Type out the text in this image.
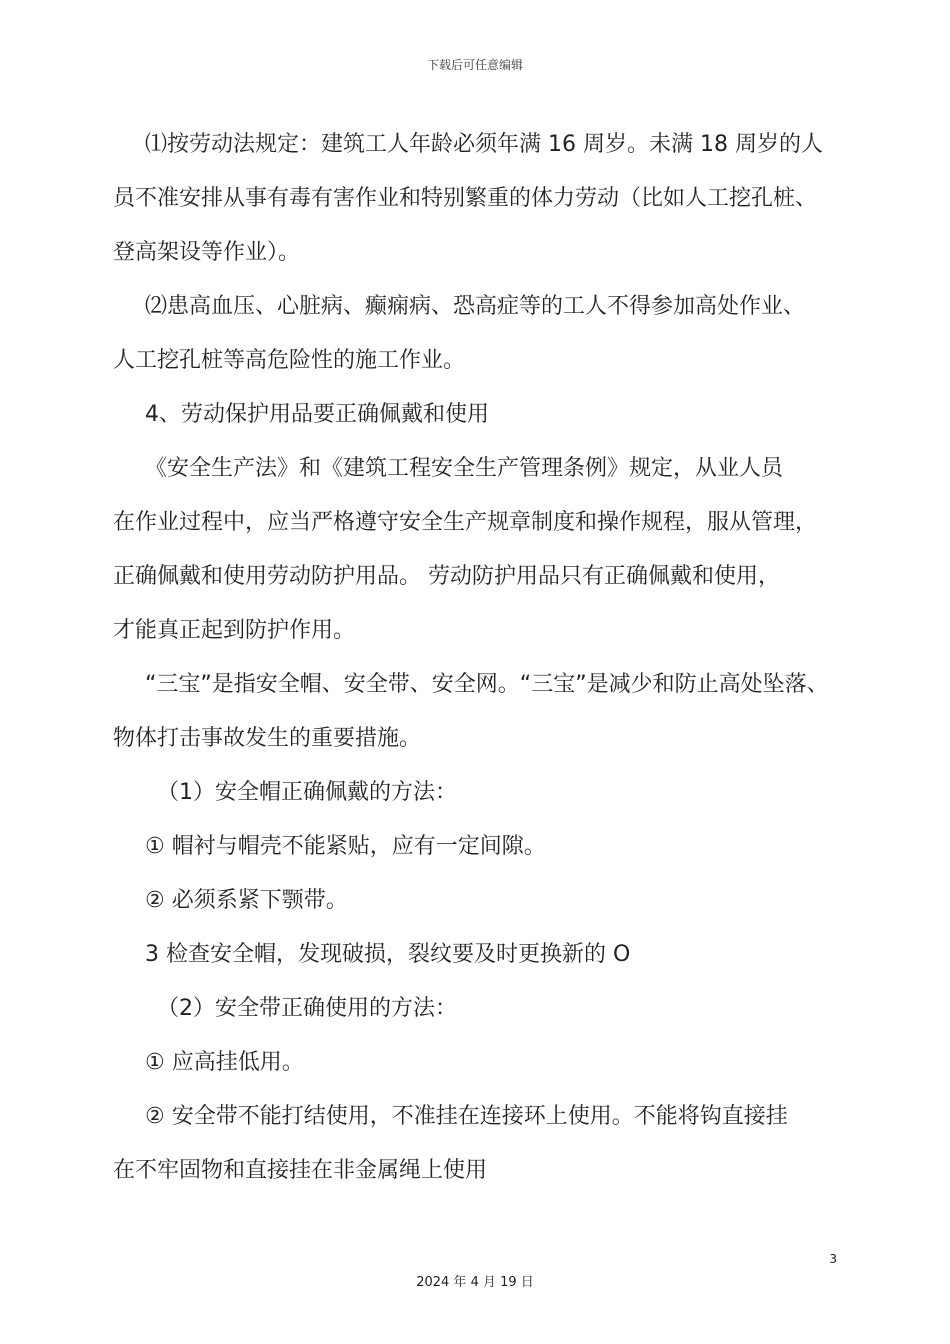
下载后可任意编辑

⑴按劳动法规定：建筑工人年龄必须年满 16 周岁。未满 18 周岁的人

员不准安排从事有毒有害作业和特别繁重的体力劳动（比如人工挖孔桩、

登高架设等作业）。

⑵患高血压、心脏病、癫痫病、恐高症等的工人不得参加高处作业、

人工挖孔桩等高危险性的施工作业。

4、劳动保护用品要正确佩戴和使用

《安全生产法》和《建筑工程安全生产管理条例》规定，从业人员

在作业过程中，应当严格遵守安全生产规章制度和操作规程，服从管理，

正确佩戴和使用劳动防护用品。 劳动防护用品只有正确佩戴和使用，

才能真正起到防护作用。

“三宝”是指安全帽、安全带、安全网。“三宝”是减少和防止高处坠落、

物体打击事故发生的重要措施。

（1）安全帽正确佩戴的方法：

① 帽衬与帽壳不能紧贴，应有一定间隙。

② 必须系紧下颚带。

3 检查安全帽，发现破损，裂纹要及时更换新的 O

（2）安全带正确使用的方法：

① 应高挂低用。

② 安全带不能打结使用，不准挂在连接环上使用。不能将钩直接挂

在不牢固物和直接挂在非金属绳上使用

3
2024 年 4 月 19 日
